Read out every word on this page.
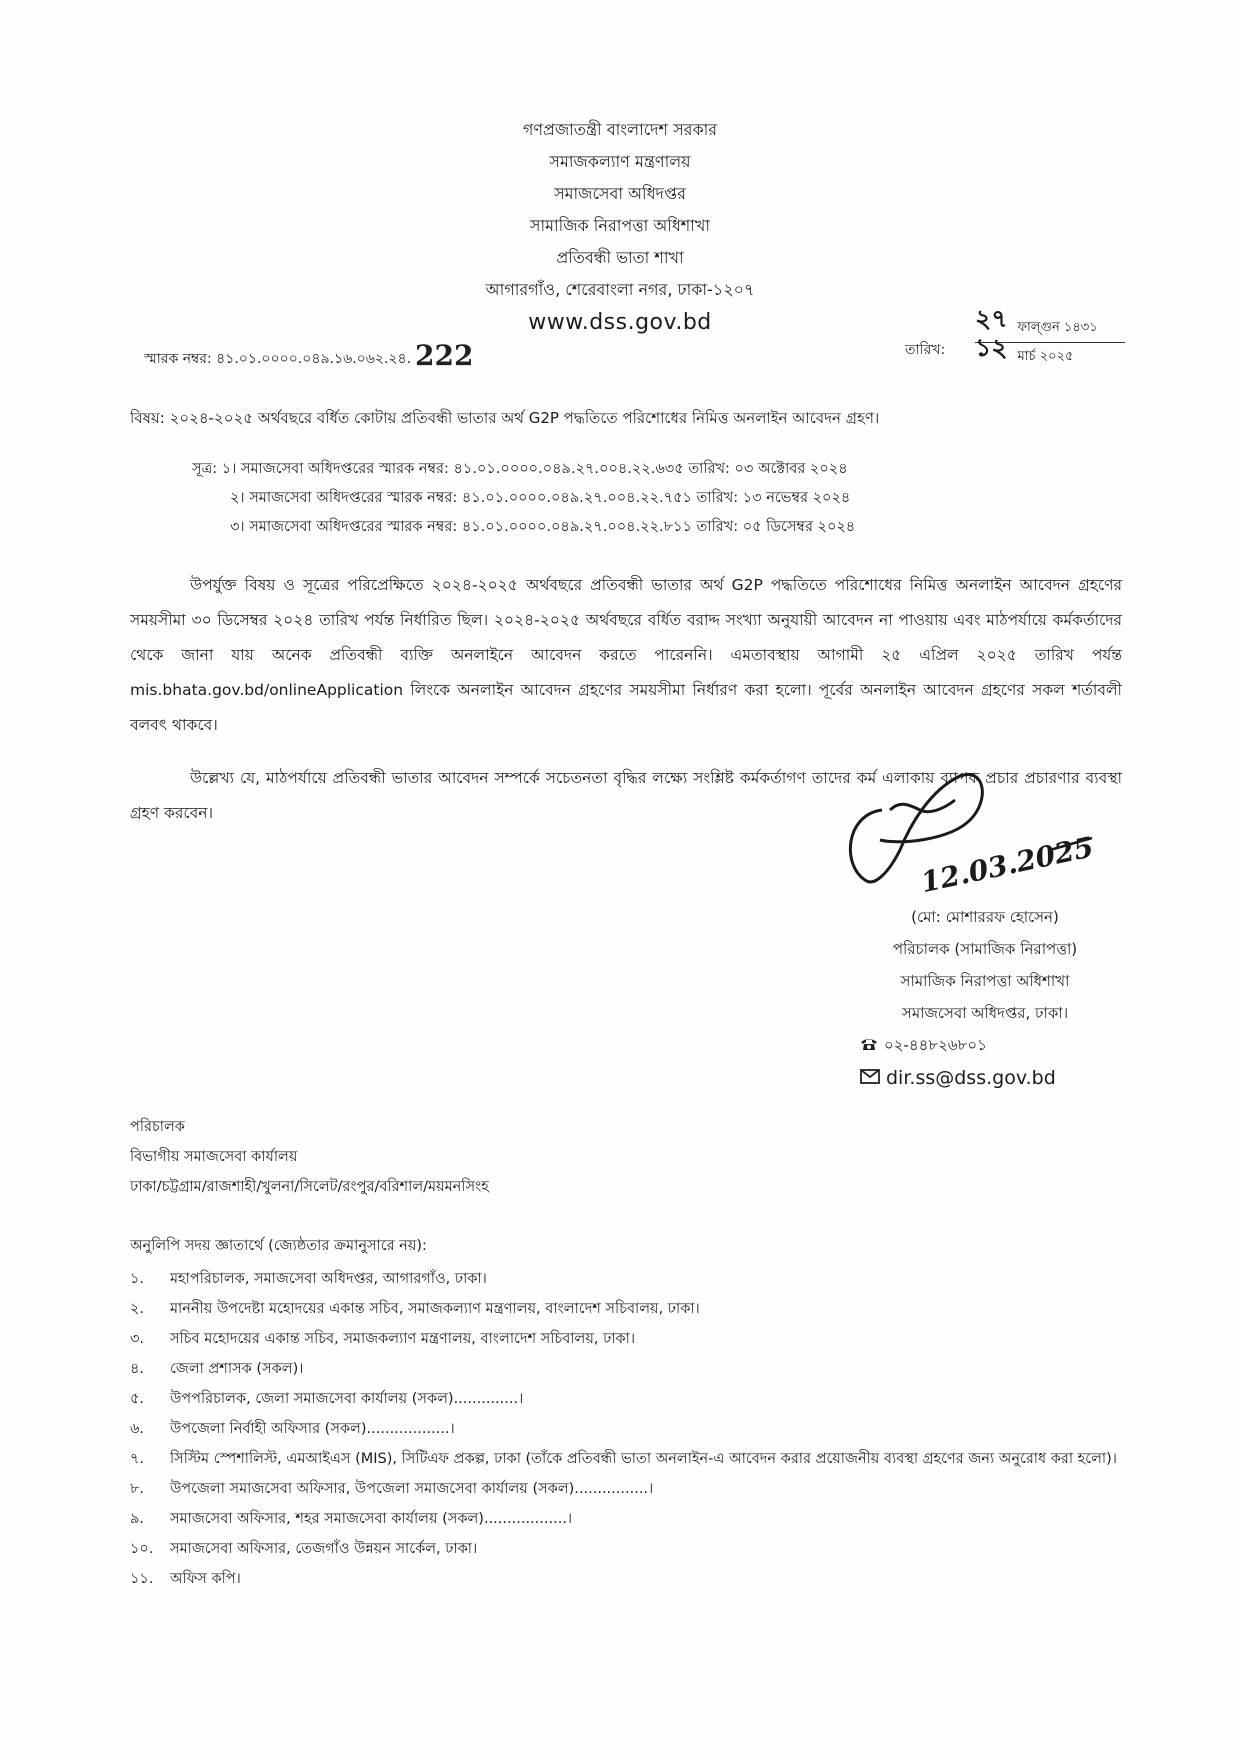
গণপ্রজাতন্ত্রী বাংলাদেশ সরকার
সমাজকল্যাণ মন্ত্রণালয়
সমাজসেবা অধিদপ্তর
সামাজিক নিরাপত্তা অধিশাখা
প্রতিবন্ধী ভাতা শাখা
আগারগাঁও, শেরেবাংলা নগর, ঢাকা-১২০৭
www.dss.gov.bd
স্মারক নম্বর: ৪১.০১.০০০০.০৪৯.১৬.০৬২.২৪. 222	তারিখ:
২৭ ফাল্গুন ১৪৩১
১২ মার্চ ২০২৫
বিষয়: ২০২৪-২০২৫ অর্থবছরে বর্ধিত কোটায় প্রতিবন্ধী ভাতার অর্থ G2P পদ্ধতিতে পরিশোধের নিমিত্ত অনলাইন আবেদন গ্রহণ।
সূত্র: ১। সমাজসেবা অধিদপ্তরের স্মারক নম্বর: ৪১.০১.০০০০.০৪৯.২৭.০০৪.২২.৬৩৫ তারিখ: ০৩ অক্টোবর ২০২৪
২। সমাজসেবা অধিদপ্তরের স্মারক নম্বর: ৪১.০১.০০০০.০৪৯.২৭.০০৪.২২.৭৫১ তারিখ: ১৩ নভেম্বর ২০২৪
৩। সমাজসেবা অধিদপ্তরের স্মারক নম্বর: ৪১.০১.০০০০.০৪৯.২৭.০০৪.২২.৮১১ তারিখ: ০৫ ডিসেম্বর ২০২৪

উপর্যুক্ত বিষয় ও সূত্রের পরিপ্রেক্ষিতে ২০২৪-২০২৫ অর্থবছরে প্রতিবন্ধী ভাতার অর্থ G2P পদ্ধতিতে পরিশোধের নিমিত্ত অনলাইন আবেদন গ্রহণের সময়সীমা ৩০ ডিসেম্বর ২০২৪ তারিখ পর্যন্ত নির্ধারিত ছিল। ২০২৪-২০২৫ অর্থবছরে বর্ধিত বরাদ্দ সংখ্যা অনুযায়ী আবেদন না পাওয়ায় এবং মাঠপর্যায়ে কর্মকর্তাদের থেকে জানা যায় অনেক প্রতিবন্ধী ব্যক্তি অনলাইনে আবেদন করতে পারেননি। এমতাবস্থায় আগামী ২৫ এপ্রিল ২০২৫ তারিখ পর্যন্ত mis.bhata.gov.bd/onlineApplication লিংকে অনলাইন আবেদন গ্রহণের সময়সীমা নির্ধারণ করা হলো। পূর্বের অনলাইন আবেদন গ্রহণের সকল শর্তাবলী বলবৎ থাকবে।

উল্লেখ্য যে, মাঠপর্যায়ে প্রতিবন্ধী ভাতার আবেদন সম্পর্কে সচেতনতা বৃদ্ধির লক্ষ্যে সংশ্লিষ্ট কর্মকর্তাগণ তাদের কর্ম এলাকায় ব্যাপক প্রচার প্রচারণার ব্যবস্থা গ্রহণ করবেন।

12.03.2025
(মো: মোশাররফ হোসেন)
পরিচালক (সামাজিক নিরাপত্তা)
সামাজিক নিরাপত্তা অধিশাখা
সমাজসেবা অধিদপ্তর, ঢাকা।
০২-৪৪৮২৬৮০১
dir.ss@dss.gov.bd
পরিচালক
বিভাগীয় সমাজসেবা কার্যালয়
ঢাকা/চট্টগ্রাম/রাজশাহী/খুলনা/সিলেট/রংপুর/বরিশাল/ময়মনসিংহ
অনুলিপি সদয় জ্ঞাতার্থে (জ্যেষ্ঠতার ক্রমানুসারে নয়):
১.	মহাপরিচালক, সমাজসেবা অধিদপ্তর, আগারগাঁও, ঢাকা।
২.	মাননীয় উপদেষ্টা মহোদয়ের একান্ত সচিব, সমাজকল্যাণ মন্ত্রণালয়, বাংলাদেশ সচিবালয়, ঢাকা।
৩.	সচিব মহোদয়ের একান্ত সচিব, সমাজকল্যাণ মন্ত্রণালয়, বাংলাদেশ সচিবালয়, ঢাকা।
৪.	জেলা প্রশাসক (সকল)।
৫.	উপপরিচালক, জেলা সমাজসেবা কার্যালয় (সকল)..............।
৬.	উপজেলা নির্বাহী অফিসার (সকল)..................।
৭.	সিস্টিম স্পেশালিস্ট, এমআইএস (MIS), সিটিএফ প্রকল্প, ঢাকা (তাঁকে প্রতিবন্ধী ভাতা অনলাইন-এ আবেদন করার প্রয়োজনীয় ব্যবস্থা গ্রহণের জন্য অনুরোধ করা হলো)।
৮.	উপজেলা সমাজসেবা অফিসার, উপজেলা সমাজসেবা কার্যালয় (সকল)................।
৯.	সমাজসেবা অফিসার, শহর সমাজসেবা কার্যালয় (সকল)..................।
১০.	সমাজসেবা অফিসার, তেজগাঁও উন্নয়ন সার্কেল, ঢাকা।
১১.	অফিস কপি।
